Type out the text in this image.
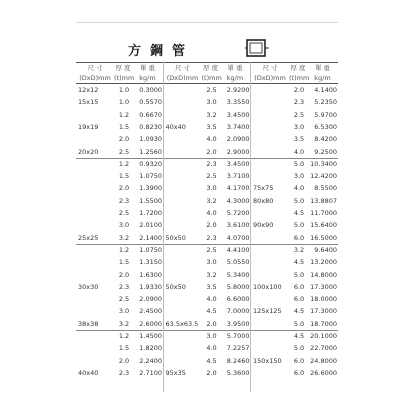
方鋼管
尺 寸	厚 度	單 重
(DxD)mm (t)mm kg/m
12x12	1.0	0.3000
15x15	1.0	0.5570
1.2	0.6670
19x19	1.5	0.8230
2.0	1.0930
20x20	2.5	1.2560
1.2	0.9320
1.5	1.0750
2.0	1.3900
2.3	1.5500
2.5	1.7200
3.0	2.0100
25x25	3.2	2.1400
1.2	1.0750
1.5	1.3150
2.0	1.6300
30x30	2.3	1.9330
2.5	2.0900
3.0	2.4500
38x38	3.2	2.6000
1.2	1.4500
1.5	1.8200
2.0	2.2400
40x40	2.3	2.7100
尺 寸	厚 度	單 重
(DxD)mm (t)mm kg/m
2.5	2.9200
3.0	3.3550
3.2	3.4500
40x40	3.5	3.7400
4.0	2.0900
2.0	2.9000
2.3	3.4500
2.5	3.7100
3.0	4.1700
3.2	4.3000
4.0	5.7200
2.0	3.6100
50x50	2.3	4.0700
2.5	4.4100
3.0	5.0550
3.2	5.3400
50x50	3.5	5.8000
4.0	6.6000
4.5	7.0000
63.5x63.5	2.0	3.9500
3.0	5.7000
4.0	7.2257
4.5	8.2460
95x35	2.0	5.3600
尺 寸	厚 度	單 重
(DxD)mm (t)mm kg/m
2.0	4.1400
2.3	5.2350
2.5	5.9700
3.0	6.5300
3.5	8.4200
4.0	9.2500
5.0 10.3400
3.0 12.4200
75x75	4.0	8.5500
80x80	5.0 13.8807
4.5 11.7000
90x90	5.0 15.6400
6.0 16.5000
3.2	9.6400
4.5 13.2000
5.0 14.8000
100x100	6.0 17.3000
6.0 18.0000
125x125	4.5 17.3000
5.0 18.7000
4.5 20.1000
5.0 22.7000
150x150	6.0 24.8000
6.0 26.6000
